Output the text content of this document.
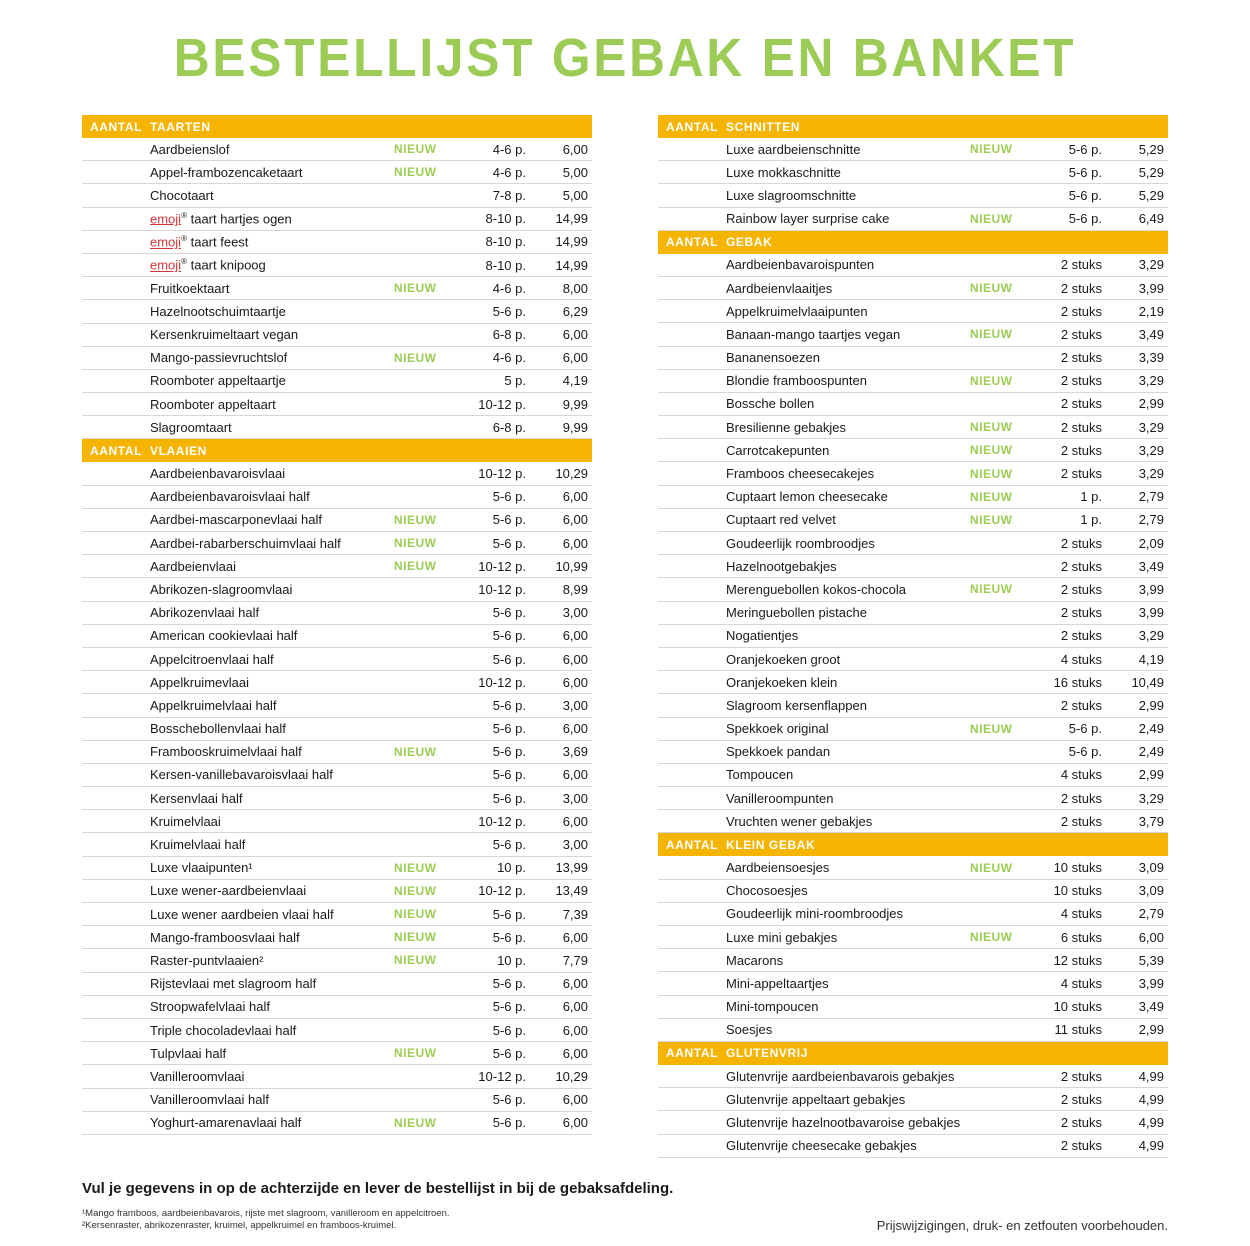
BESTELLIJST GEBAK EN BANKET
AANTAL TAARTEN
Aardbeienslof	NIEUW	4-6 p.	6,00
Appel-frambozencaketaart	NIEUW	4-6 p.	5,00
Chocotaart	7-8 p.	5,00
emoji® taart hartjes ogen	8-10 p.	14,99
emoji® taart feest	8-10 p.	14,99
emoji® taart knipoog	8-10 p.	14,99
Fruitkoektaart	NIEUW	4-6 p.	8,00
Hazelnootschuimtaartje	5-6 p.	6,29
Kersenkruimeltaart vegan	6-8 p.	6,00
Mango-passievruchtslof	NIEUW	4-6 p.	6,00
Roomboter appeltaartje	5 p.	4,19
Roomboter appeltaart	10-12 p.	9,99
Slagroomtaart	6-8 p.	9,99
AANTAL VLAAIEN
Aardbeienbavaroisvlaai	10-12 p.	10,29
Aardbeienbavaroisvlaai half	5-6 p.	6,00
Aardbei-mascarponevlaai half	NIEUW	5-6 p.	6,00
Aardbei-rabarberschuimvlaai half	NIEUW	5-6 p.	6,00
Aardbeienvlaai	NIEUW	10-12 p.	10,99
Abrikozen-slagroomvlaai	10-12 p.	8,99
Abrikozenvlaai half	5-6 p.	3,00
American cookievlaai half	5-6 p.	6,00
Appelcitroenvlaai half	5-6 p.	6,00
Appelkruimevlaai	10-12 p.	6,00
Appelkruimelvlaai half	5-6 p.	3,00
Bosschebollenvlaai half	5-6 p.	6,00
Frambooskruimelvlaai half	NIEUW	5-6 p.	3,69
Kersen-vanillebavaroisvlaai half	5-6 p.	6,00
Kersenvlaai half	5-6 p.	3,00
Kruimelvlaai	10-12 p.	6,00
Kruimelvlaai half	5-6 p.	3,00
Luxe vlaaipunten¹	NIEUW	10 p.	13,99
Luxe wener-aardbeienvlaai	NIEUW	10-12 p.	13,49
Luxe wener aardbeien vlaai half	NIEUW	5-6 p.	7,39
Mango-framboosvlaai half	NIEUW	5-6 p.	6,00
Raster-puntvlaaien²	NIEUW	10 p.	7,79
Rijstevlaai met slagroom half	5-6 p.	6,00
Stroopwafelvlaai half	5-6 p.	6,00
Triple chocoladevlaai half	5-6 p.	6,00
Tulpvlaai half	NIEUW	5-6 p.	6,00
Vanilleroomvlaai	10-12 p.	10,29
Vanilleroomvlaai half	5-6 p.	6,00
Yoghurt-amarenavlaai half	NIEUW	5-6 p.	6,00
AANTAL SCHNITTEN
Luxe aardbeienschnitte	NIEUW	5-6 p.	5,29
Luxe mokkaschnitte	5-6 p.	5,29
Luxe slagroomschnitte	5-6 p.	5,29
Rainbow layer surprise cake	NIEUW	5-6 p.	6,49
AANTAL GEBAK
Aardbeienbavaroispunten	2 stuks	3,29
Aardbeienvlaaitjes	NIEUW	2 stuks	3,99
Appelkruimelvlaaipunten	2 stuks	2,19
Banaan-mango taartjes vegan	NIEUW	2 stuks	3,49
Bananensoezen	2 stuks	3,39
Blondie framboospunten	NIEUW	2 stuks	3,29
Bossche bollen	2 stuks	2,99
Bresilienne gebakjes	NIEUW	2 stuks	3,29
Carrotcakepunten	NIEUW	2 stuks	3,29
Framboos cheesecakejes	NIEUW	2 stuks	3,29
Cuptaart lemon cheesecake	NIEUW	1 p.	2,79
Cuptaart red velvet	NIEUW	1 p.	2,79
Goudeerlijk roombroodjes	2 stuks	2,09
Hazelnootgebakjes	2 stuks	3,49
Merenguebollen kokos-chocola	NIEUW	2 stuks	3,99
Meringuebollen pistache	2 stuks	3,99
Nogatientjes	2 stuks	3,29
Oranjekoeken groot	4 stuks	4,19
Oranjekoeken klein	16 stuks	10,49
Slagroom kersenflappen	2 stuks	2,99
Spekkoek original	NIEUW	5-6 p.	2,49
Spekkoek pandan	5-6 p.	2,49
Tompoucen	4 stuks	2,99
Vanilleroompunten	2 stuks	3,29
Vruchten wener gebakjes	2 stuks	3,79
AANTAL KLEIN GEBAK
Aardbeiensoesjes	NIEUW	10 stuks	3,09
Chocosoesjes	10 stuks	3,09
Goudeerlijk mini-roombroodjes	4 stuks	2,79
Luxe mini gebakjes	NIEUW	6 stuks	6,00
Macarons	12 stuks	5,39
Mini-appeltaartjes	4 stuks	3,99
Mini-tompoucen	10 stuks	3,49
Soesjes	11 stuks	2,99
AANTAL GLUTENVRIJ
Glutenvrije aardbeienbavarois gebakjes	2 stuks	4,99
Glutenvrije appeltaart gebakjes	2 stuks	4,99
Glutenvrije hazelnootbavaroise gebakjes	2 stuks	4,99
Glutenvrije cheesecake gebakjes	2 stuks	4,99
Vul je gegevens in op de achterzijde en lever de bestellijst in bij de gebaksafdeling.
¹Mango framboos, aardbeienbavarois, rijste met slagroom, vanilleroom en appelcitroen.
²Kersenraster, abrikozenraster, kruimel, appelkruimel en framboos-kruimel.	Prijswijzigingen, druk- en zetfouten voorbehouden.
